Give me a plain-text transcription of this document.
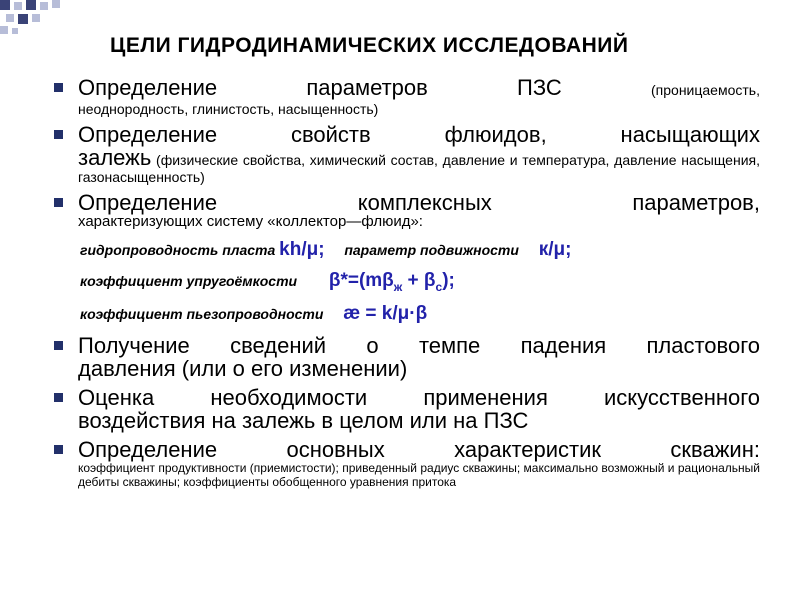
ЦЕЛИ ГИДРОДИНАМИЧЕСКИХ ИССЛЕДОВАНИЙ
Определение	параметров	ПЗС	(проницаемость,
неоднородность, глинистость, насыщенность)
Определение	свойств	флюидов,	насыщающих
залежь (физические свойства, химический состав, давление и температура, давление насыщения, газонасыщенность)
Определение	комплексных	параметров,
характеризующих систему «коллектор—флюид»:
гидропроводность пласта kh/μ; параметр подвижности к/μ;
коэффициент упругоёмкости $\beta*=(m\beta_ж + \beta_с)$;
коэффициент пьезопроводности æ = k/μ·β
Получение сведений о темпе падения пластового
давления (или о его изменении)
Оценка необходимости применения искусственного
воздействия на залежь в целом или на ПЗС
Определение	основных	характеристик	скважин:
коэффициент продуктивности (приемистости); приведенный радиус скважины; максимально возможный и рациональный дебиты скважины; коэффициенты обобщенного уравнения притока
